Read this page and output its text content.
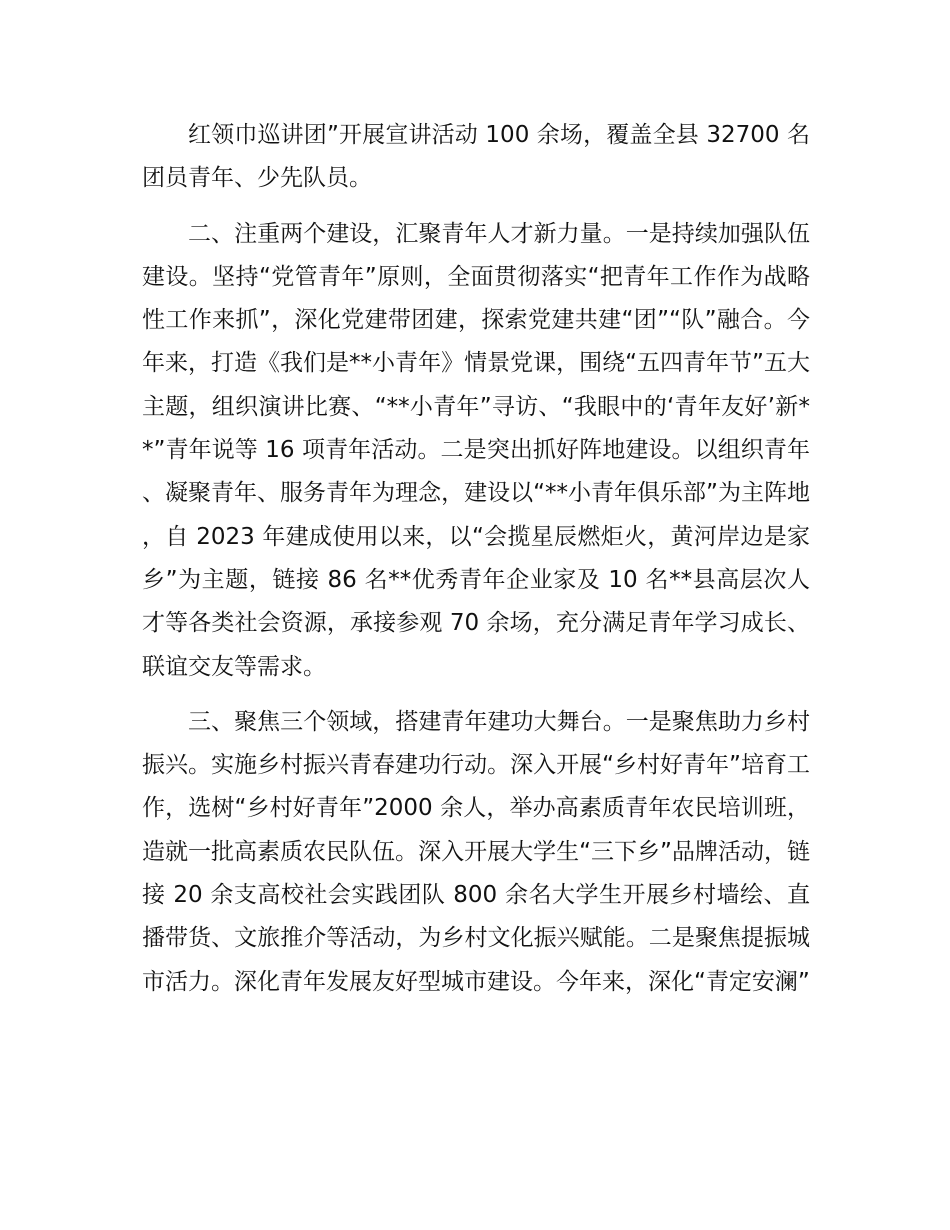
红领巾巡讲团”开展宣讲活动 100 余场，覆盖全县 32700 名团员青年、少先队员。

二、注重两个建设，汇聚青年人才新力量。一是持续加强队伍建设。坚持“党管青年”原则，全面贯彻落实“把青年工作作为战略性工作来抓”，深化党建带团建，探索党建共建“团”“队”融合。今年来，打造《我们是**小青年》情景党课，围绕“五四青年节”五大主题，组织演讲比赛、“**小青年”寻访、“我眼中的‘青年友好’新**”青年说等 16 项青年活动。二是突出抓好阵地建设。以组织青年、凝聚青年、服务青年为理念，建设以“**小青年俱乐部”为主阵地，自 2023 年建成使用以来，以“会揽星辰燃炬火，黄河岸边是家乡”为主题，链接 86 名**优秀青年企业家及 10 名**县高层次人才等各类社会资源，承接参观 70 余场，充分满足青年学习成长、联谊交友等需求。

三、聚焦三个领域，搭建青年建功大舞台。一是聚焦助力乡村振兴。实施乡村振兴青春建功行动。深入开展“乡村好青年”培育工作，选树“乡村好青年”2000 余人，举办高素质青年农民培训班，造就一批高素质农民队伍。深入开展大学生“三下乡”品牌活动，链接 20 余支高校社会实践团队 800 余名大学生开展乡村墙绘、直播带货、文旅推介等活动，为乡村文化振兴赋能。二是聚焦提振城市活力。深化青年发展友好型城市建设。今年来，深化“青定安澜”
